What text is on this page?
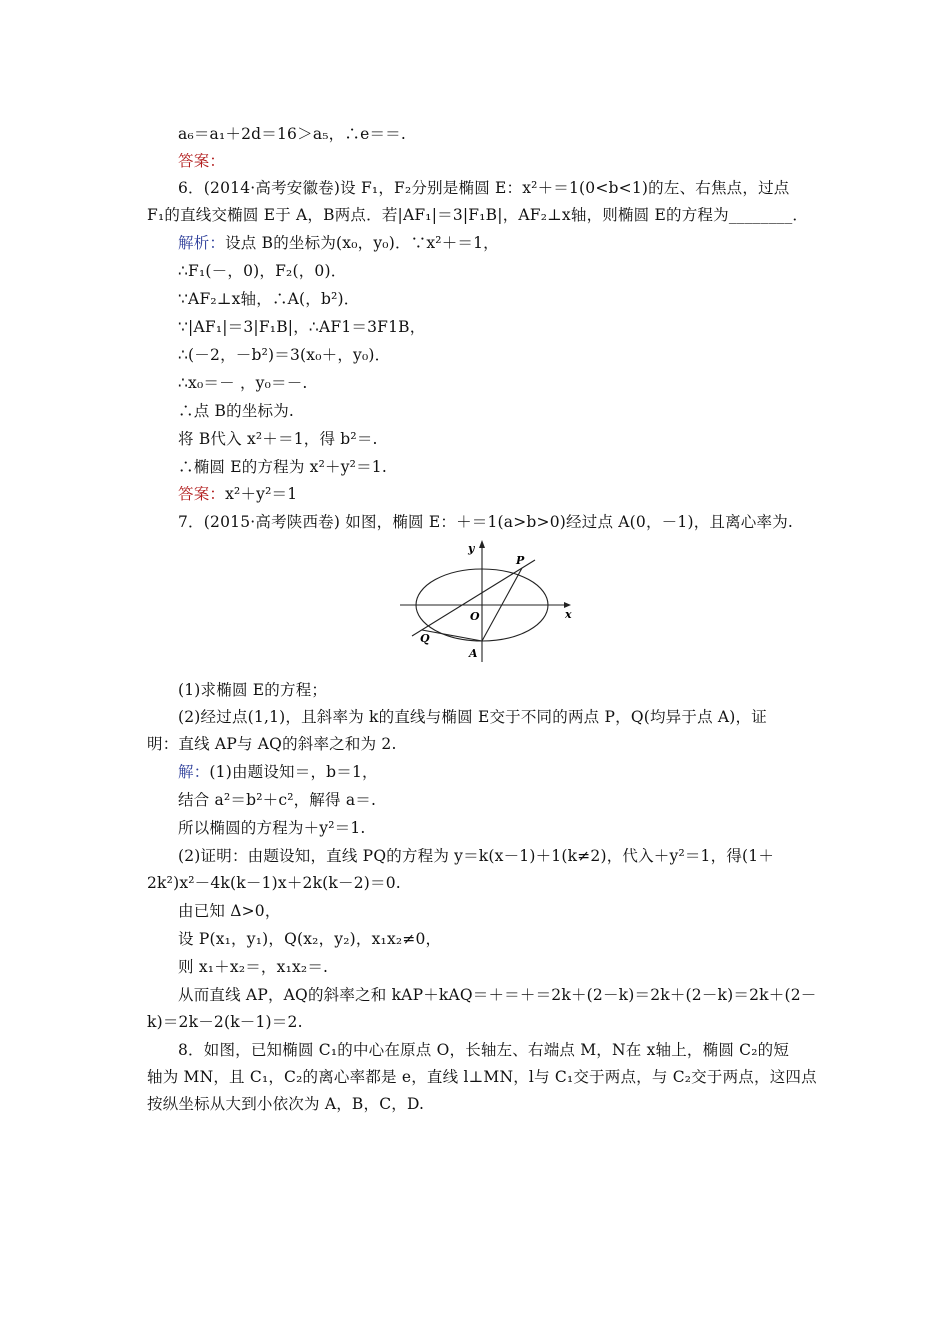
a₆＝a₁＋2d＝16＞a₅，∴e＝＝.
答案：
6．(2014·高考安徽卷)设 F₁，F₂分别是椭圆 E：x²＋＝1(0<b<1)的左、右焦点，过点
F₁的直线交椭圆 E于 A，B两点．若|AF₁|＝3|F₁B|，AF₂⊥x轴，则椭圆 E的方程为________．
解析：设点 B的坐标为(x₀，y₀)．∵x²＋＝1，
∴F₁(－，0)，F₂(，0)．
∵AF₂⊥x轴，∴A(，b²)．
∵|AF₁|＝3|F₁B|，∴AF1＝3F1B，
∴(－2，－b²)＝3(x₀＋，y₀)．
∴x₀＝－ ，y₀＝－.
∴点 B的坐标为.
将 B代入 x²＋＝1，得 b²＝.
∴椭圆 E的方程为 x²＋y²＝1.
答案：x²＋y²＝1
7．(2015·高考陕西卷) 如图，椭圆 E：＋＝1(a>b>0)经过点 A(0，－1)，且离心率为.
(1)求椭圆 E的方程；
(2)经过点(1,1)，且斜率为 k的直线与椭圆 E交于不同的两点 P，Q(均异于点 A)，证
明：直线 AP与 AQ的斜率之和为 2.
解：(1)由题设知＝，b＝1，
结合 a²＝b²＋c²，解得 a＝.
所以椭圆的方程为＋y²＝1.
(2)证明：由题设知，直线 PQ的方程为 y＝k(x－1)＋1(k≠2)，代入＋y²＝1，得(1＋
2k²)x²－4k(k－1)x＋2k(k－2)＝0.
由已知 Δ>0，
设 P(x₁，y₁)，Q(x₂，y₂)，x₁x₂≠0，
则 x₁＋x₂＝，x₁x₂＝.
从而直线 AP，AQ的斜率之和 kAP＋kAQ＝＋＝＋＝2k＋(2－k)＝2k＋(2－k)＝2k＋(2－
k)＝2k－2(k－1)＝2.
8．如图，已知椭圆 C₁的中心在原点 O，长轴左、右端点 M，N在 x轴上，椭圆 C₂的短
轴为 MN，且 C₁，C₂的离心率都是 e，直线 l⊥MN，l与 C₁交于两点，与 C₂交于两点，这四点
按纵坐标从大到小依次为 A，B，C，D.
y
x
P
O
Q
A
